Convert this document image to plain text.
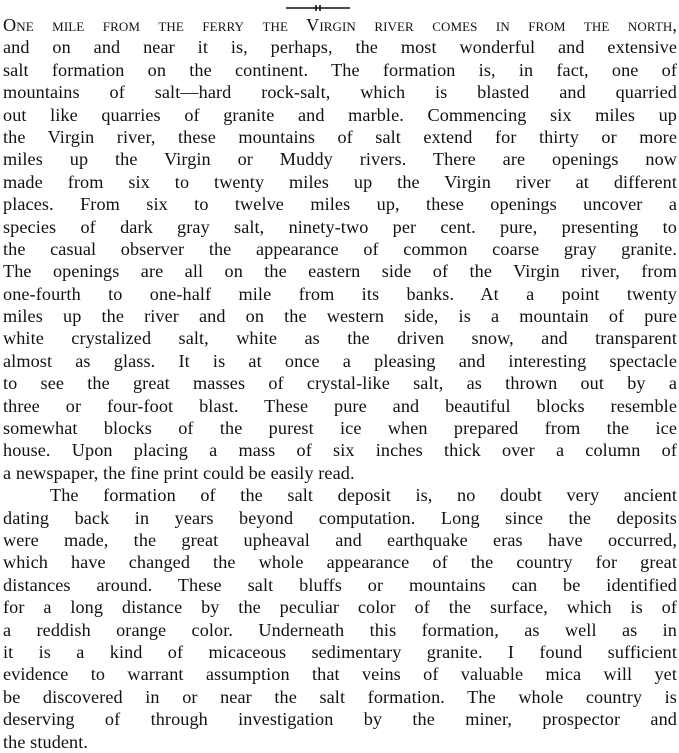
One mile from the ferry the Virgin river comes in from the north,
and on and near it is, perhaps, the most wonderful and extensive
salt formation on the continent. The formation is, in fact, one of
mountains of salt—hard rock-salt, which is blasted and quarried
out like quarries of granite and marble. Commencing six miles up
the Virgin river, these mountains of salt extend for thirty or more
miles up the Virgin or Muddy rivers. There are openings now
made from six to twenty miles up the Virgin river at different
places. From six to twelve miles up, these openings uncover a
species of dark gray salt, ninety-two per cent. pure, presenting to
the casual observer the appearance of common coarse gray granite.
The openings are all on the eastern side of the Virgin river, from
one-fourth to one-half mile from its banks. At a point twenty
miles up the river and on the western side, is a mountain of pure
white crystalized salt, white as the driven snow, and transparent
almost as glass. It is at once a pleasing and interesting spectacle
to see the great masses of crystal-like salt, as thrown out by a
three or four-foot blast. These pure and beautiful blocks resemble
somewhat blocks of the purest ice when prepared from the ice
house. Upon placing a mass of six inches thick over a column of
a newspaper, the fine print could be easily read.
The formation of the salt deposit is, no doubt very ancient
dating back in years beyond computation. Long since the deposits
were made, the great upheaval and earthquake eras have occurred,
which have changed the whole appearance of the country for great
distances around. These salt bluffs or mountains can be identified
for a long distance by the peculiar color of the surface, which is of
a reddish orange color. Underneath this formation, as well as in
it is a kind of micaceous sedimentary granite. I found sufficient
evidence to warrant assumption that veins of valuable mica will yet
be discovered in or near the salt formation. The whole country is
deserving of through investigation by the miner, prospector and
the student.
